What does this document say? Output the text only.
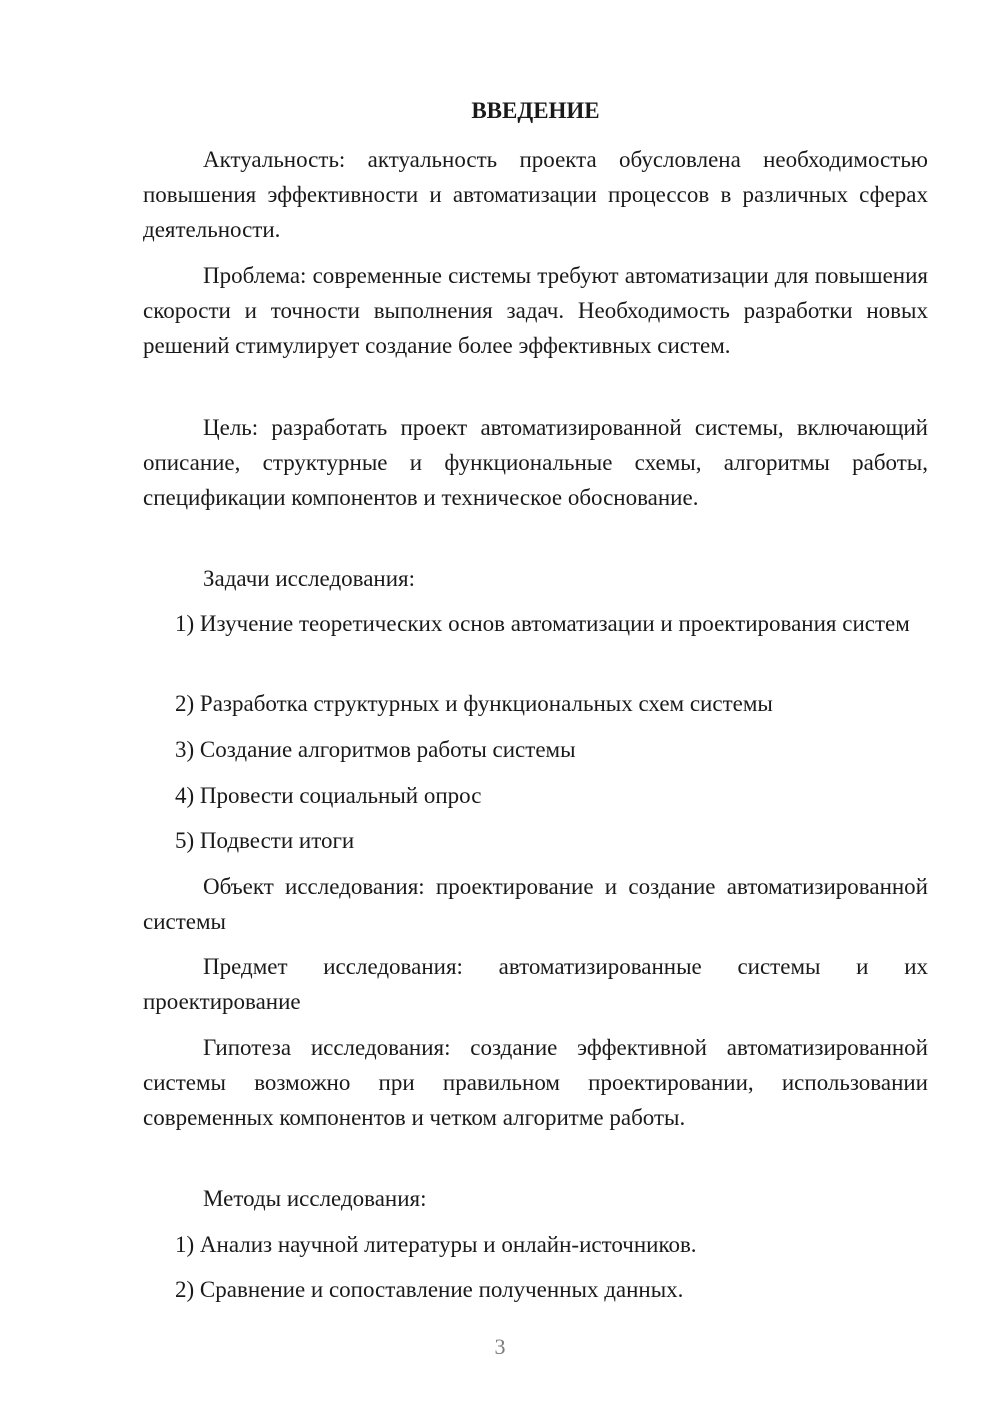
ВВЕДЕНИЕ

Актуальность: актуальность проекта обусловлена необходимостью повышения эффективности и автоматизации процессов в различных сферах деятельности.

Проблема: современные системы требуют автоматизации для повышения скорости и точности выполнения задач. Необходимость разработки новых решений стимулирует создание более эффективных систем.

Цель: разработать проект автоматизированной системы, включающий описание, структурные и функциональные схемы, алгоритмы работы, спецификации компонентов и техническое обоснование.

Задачи исследования:

1) Изучение теоретических основ автоматизации и проектирования систем

2) Разработка структурных и функциональных схем системы

3) Создание алгоритмов работы системы

4) Провести социальный опрос

5) Подвести итоги

Объект исследования: проектирование и создание автоматизированной системы

Предмет исследования: автоматизированные системы и их проектирование

Гипотеза исследования: создание эффективной автоматизированной системы возможно при правильном проектировании, использовании современных компонентов и четком алгоритме работы.

Методы исследования:

1) Анализ научной литературы и онлайн-источников.

2) Сравнение и сопоставление полученных данных.

3
